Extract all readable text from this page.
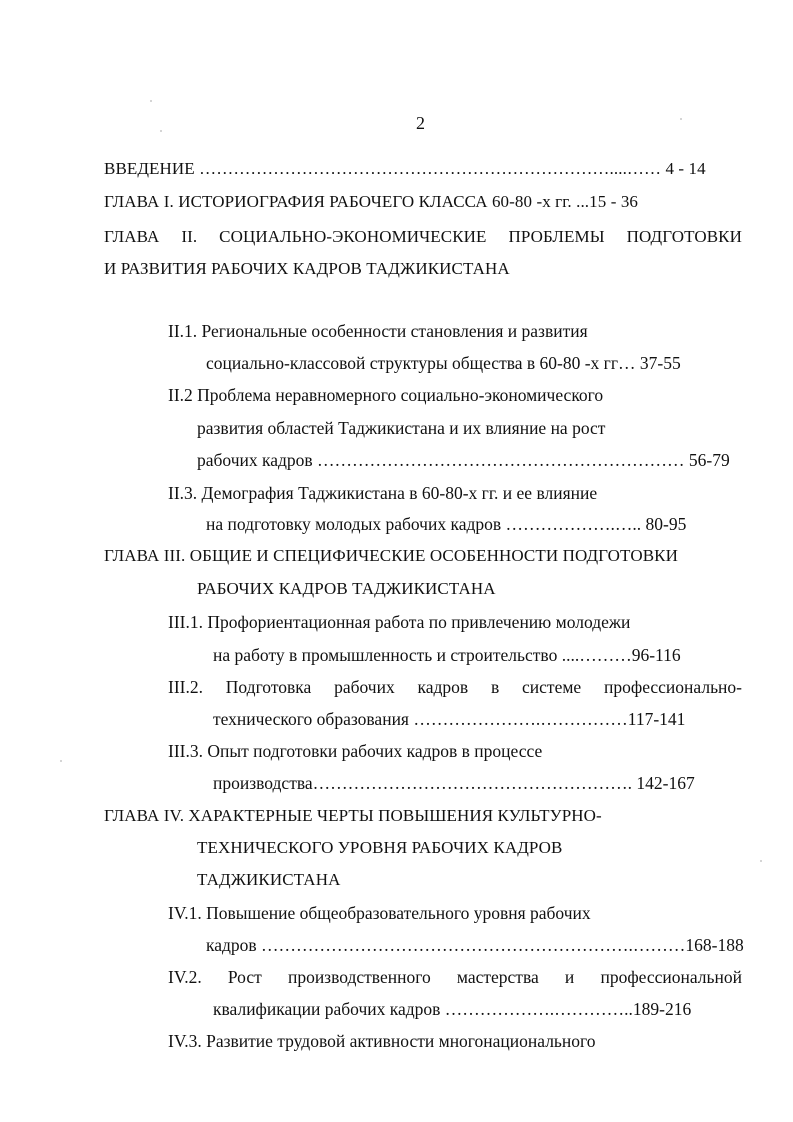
2
ВВЕДЕНИЕ ………………………………………………………………....…… 4 - 14
ГЛАВА I. ИСТОРИОГРАФИЯ РАБОЧЕГО КЛАССА 60-80 -х гг. ...15 - 36
ГЛАВА II. СОЦИАЛЬНО-ЭКОНОМИЧЕСКИЕ ПРОБЛЕМЫ ПОДГОТОВКИ
И РАЗВИТИЯ РАБОЧИХ КАДРОВ ТАДЖИКИСТАНА
II.1. Региональные особенности становления и развития
социально-классовой структуры общества в 60-80 -х гг… 37-55
II.2 Проблема неравномерного социально-экономического
развития областей Таджикистана и их влияние на рост
рабочих кадров ……………………………………………………… 56-79
II.3. Демография Таджикистана в 60-80-х гг. и ее влияние
на подготовку молодых рабочих кадров ……………….….. 80-95
ГЛАВА III. ОБЩИЕ И СПЕЦИФИЧЕСКИЕ ОСОБЕННОСТИ ПОДГОТОВКИ
РАБОЧИХ КАДРОВ ТАДЖИКИСТАНА
III.1. Профориентационная работа по привлечению молодежи
на работу в промышленность и строительство ....………96-116
III.2. Подготовка рабочих кадров в системе профессионально-
технического образования ………………….……………117-141
III.3. Опыт подготовки рабочих кадров в процессе
производства………………………………………………. 142-167
ГЛАВА IV. ХАРАКТЕРНЫЕ ЧЕРТЫ ПОВЫШЕНИЯ КУЛЬТУРНО-
ТЕХНИЧЕСКОГО УРОВНЯ РАБОЧИХ КАДРОВ
ТАДЖИКИСТАНА
IV.1. Повышение общеобразовательного уровня рабочих
кадров ……………………………………………………….………168-188
IV.2. Рост производственного мастерства и профессиональной
квалификации рабочих кадров ……………….…………..189-216
IV.3. Развитие трудовой активности многонационального
